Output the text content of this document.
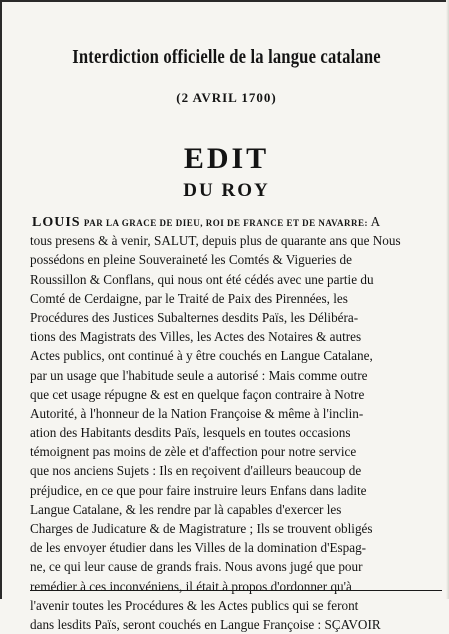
Interdiction officielle de la langue catalane
(2 AVRIL 1700)
EDIT
DU ROY
LOUIS PAR LA GRACE DE DIEU, ROI DE FRANCE ET DE NAVARRE: A
tous presens & à venir, SALUT, depuis plus de quarante ans que Nous
possédons en pleine Souveraineté les Comtés & Vigueries de
Roussillon & Conflans, qui nous ont été cédés avec une partie du
Comté de Cerdaigne, par le Traité de Paix des Pirennées, les
Procédures des Justices Subalternes desdits Païs, les Délibéra-
tions des Magistrats des Villes, les Actes des Notaires & autres
Actes publics, ont continué à y être couchés en Langue Catalane,
par un usage que l'habitude seule a autorisé : Mais comme outre
que cet usage répugne & est en quelque façon contraire à Notre
Autorité, à l'honneur de la Nation Françoise & même à l'inclin-
ation des Habitants desdits Païs, lesquels en toutes occasions
témoignent pas moins de zèle et d'affection pour notre service
que nos anciens Sujets : Ils en reçoivent d'ailleurs beaucoup de
préjudice, en ce que pour faire instruire leurs Enfans dans ladite
Langue Catalane, & les rendre par là capables d'exercer les
Charges de Judicature & de Magistrature ; Ils se trouvent obligés
de les envoyer étudier dans les Villes de la domination d'Espag-
ne, ce qui leur cause de grands frais. Nous avons jugé que pour
remédier à ces inconvéniens, il était à propos d'ordonner qu'à
l'avenir toutes les Procédures & les Actes publics qui se feront
dans lesdits Païs, seront couchés en Langue Françoise : SÇAVOIR
